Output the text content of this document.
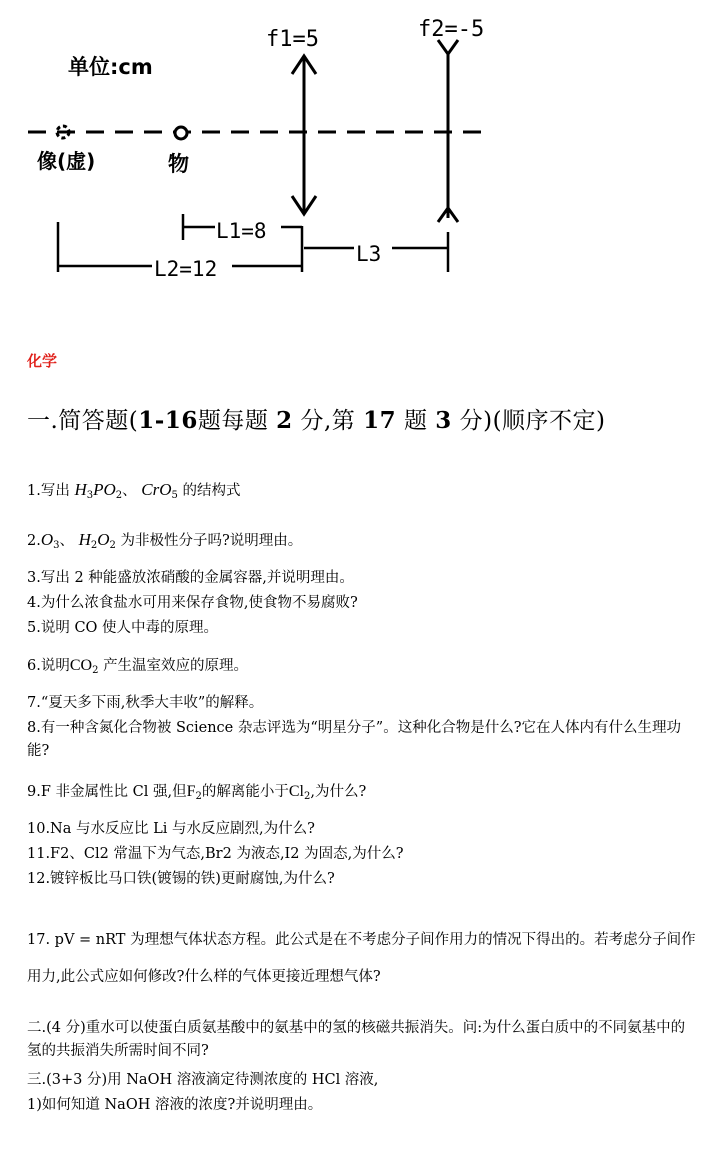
单位:cm
f1=5	f2=-5
像(虚)	物
L1=8
L2=12
L3
化学
一.简答题(1-16题每题 2 分,第 17 题 3 分)(顺序不定)
1.写出 $H_3PO_2$、 CrO$_5$ 的结构式
$2.O_3$、 $H_2O_2$ 为非极性分子吗?说明理由。
3.写出 2 种能盛放浓硝酸的金属容器,并说明理由。
4.为什么浓食盐水可用来保存食物,使食物不易腐败?
5.说明 CO 使人中毒的原理。
6.说明$CO_2$ 产生温室效应的原理。
7.“夏天多下雨,秋季大丰收”的解释。
8.有一种含氮化合物被 Science 杂志评选为“明星分子”。这种化合物是什么?它在人体内有什么生理功能?
9.F 非金属性比 Cl 强,但$F_2$的解离能小于$Cl_2$,为什么?
10.Na 与水反应比 Li 与水反应剧烈,为什么?
11.F2、Cl2 常温下为气态,Br2 为液态,I2 为固态,为什么?
12.镀锌板比马口铁(镀锡的铁)更耐腐蚀,为什么?
17. pV = nRT 为理想气体状态方程。此公式是在不考虑分子间作用力的情况下得出的。若考虑分子间作用力,此公式应如何修改?什么样的气体更接近理想气体?
二.(4 分)重水可以使蛋白质氨基酸中的氨基中的氢的核磁共振消失。问:为什么蛋白质中的不同氨基中的氢的共振消失所需时间不同?
三.(3+3 分)用 NaOH 溶液滴定待测浓度的 HCl 溶液,
1)如何知道 NaOH 溶液的浓度?并说明理由。
